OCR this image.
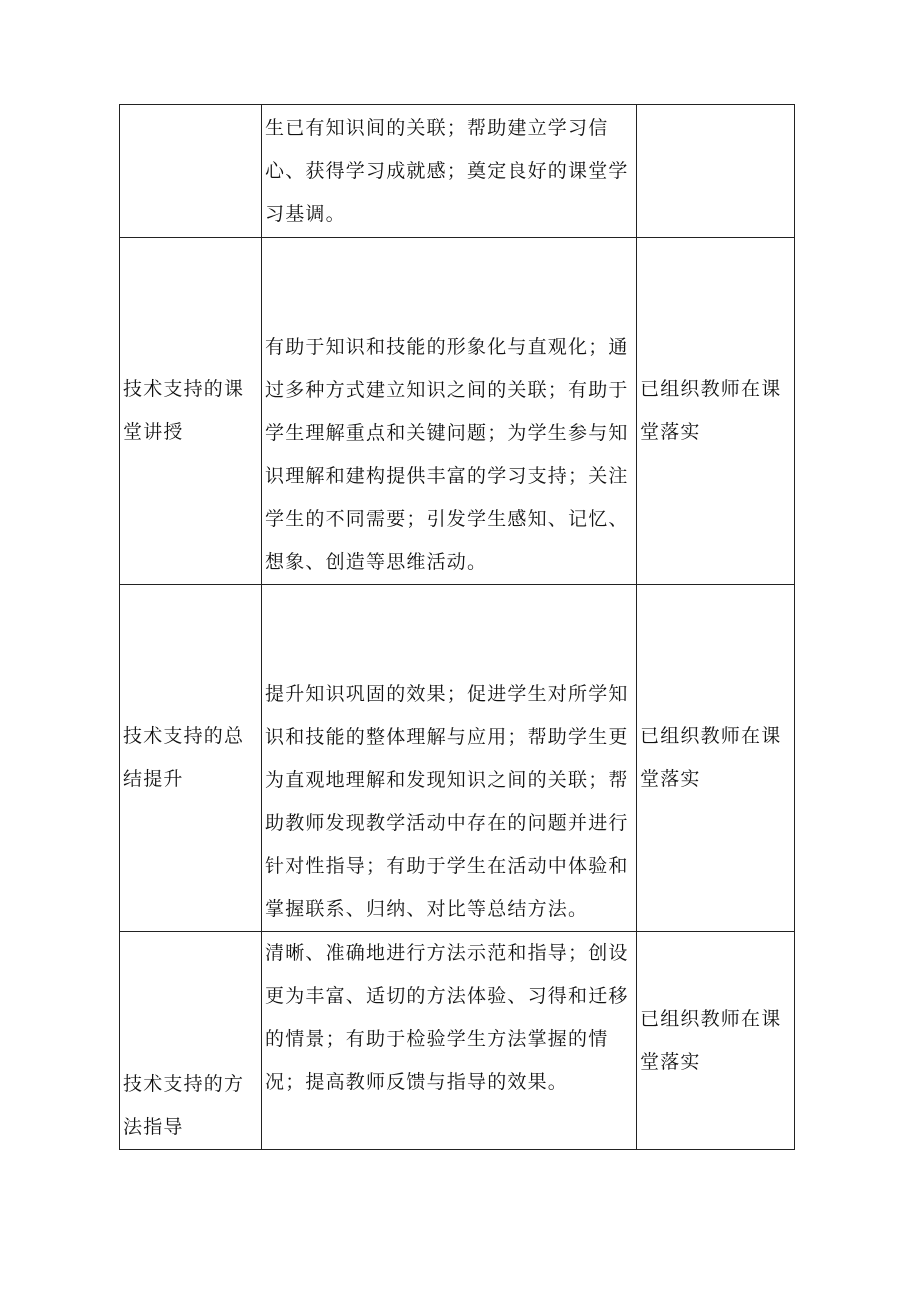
	生已有知识间的关联；帮助建立学习信心、获得学习成就感；奠定良好的课堂学习基调。	

技术支持的课堂讲授	有助于知识和技能的形象化与直观化；通过多种方式建立知识之间的关联；有助于学生理解重点和关键问题；为学生参与知识理解和建构提供丰富的学习支持；关注学生的不同需要；引发学生感知、记忆、想象、创造等思维活动。	已组织教师在课堂落实

技术支持的总结提升	提升知识巩固的效果；促进学生对所学知识和技能的整体理解与应用；帮助学生更为直观地理解和发现知识之间的关联；帮助教师发现教学活动中存在的问题并进行针对性指导；有助于学生在活动中体验和掌握联系、归纳、对比等总结方法。	已组织教师在课堂落实

技术支持的方法指导	清晰、准确地进行方法示范和指导；创设更为丰富、适切的方法体验、习得和迁移的情景；有助于检验学生方法掌握的情况；提高教师反馈与指导的效果。	已组织教师在课堂落实
